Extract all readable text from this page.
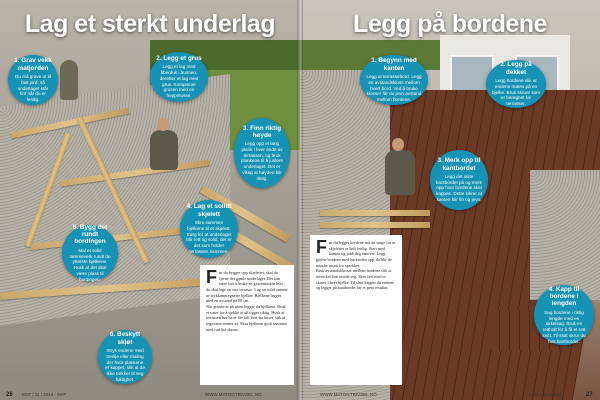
Lag et sterkt underlag
1. Grav vekk matjorden
Du må grave ut til fast jord, så underlaget står fint når du er ferdig.
2. Legg et grus
Legg et lag med fiberduk i bunnen, deretter et lag med grus. Komprimer grusen med en hoppetusse.
3. Finn riktig høyde
Legg opp et lang plank i hver ende av terrassen, og bruk plankene til å justere underlaget. Det er viktig at høyden blir riktig.
4. Lag et solidt skjelett
Skru sammen bjelkene til et skjelett. Sørg for at underlaget blir rett og solid, det er det som holder terrassen sammen.
5. Bygg det rundt bordingen
Mal et solid rammeverk rundt de ytterste bjelkene. Husk at det skal være plass til bordingen.
6. Beskytt skjøt
Stryk endene med treolje eller maling der hvor plankene er kappet, slik at de ikke trekker til seg fuktighet.
F ør du bygger opp skjelettet, skal du fjerne det gamle underlaget. Det kan være lurt å bruke en gravemaskin hvis du skal lage en stor terrasse. Lag en solid ramme av trykkimpregnerte bjelker. Bjelkene legges med en avstand på 60 cm.
Når grusen er på plass legger du bjelkene. Bruk et vater for å sjekke at alt ligger riktig. Husk at terrassen bør ha et lite fall bort fra huset, slik at regnvann renner av. Skru bjelkene godt sammen med rustfrie skruer.
26 MAT | 11 | 2014 - MAT	WWW.MATOGTRIVSEL.NO
Legg på bordene
1. Begynn med kanten
Legg ut terrassebord. Legg en avstandskloss mellom hvert bord. Ved å bruke klosser får du jevn avstand mellom bordene.
2. Legg på dekket
Legg bordene slik at endene møtes på en bjelke. Bruk skruer som er beregnet for terrasser.
3. Merk opp til kantbordet
Legg det siste kantbordet på og merk opp hvor bordene skal kappes. Dette sikrer at kanten blir fin og jevn.
4. Kapp til bordene i lengden
Sag bordene i riktig lengde med en sirkelsag. Bruk en rettholt for å få et rett snitt. Til slutt skrur du fast kantbordet.
F ør du legger bordene må du sørge for at skjelettet er helt ferdig. Start med kanten og jobb deg innover. Legg gjerne bordene med barksiden opp, da blir de mindre utsatt for sprekker.
Bruk avstandsklosser mellom bordene slik at treverket kan utvide seg. Skru fast med to skruer i hver bjelke. Til slutt kapper du endene og legger på kantbordet for et pent resultat.
WWW.MATOGTRIVSEL.NO	MAT | 11 | 2014	27
